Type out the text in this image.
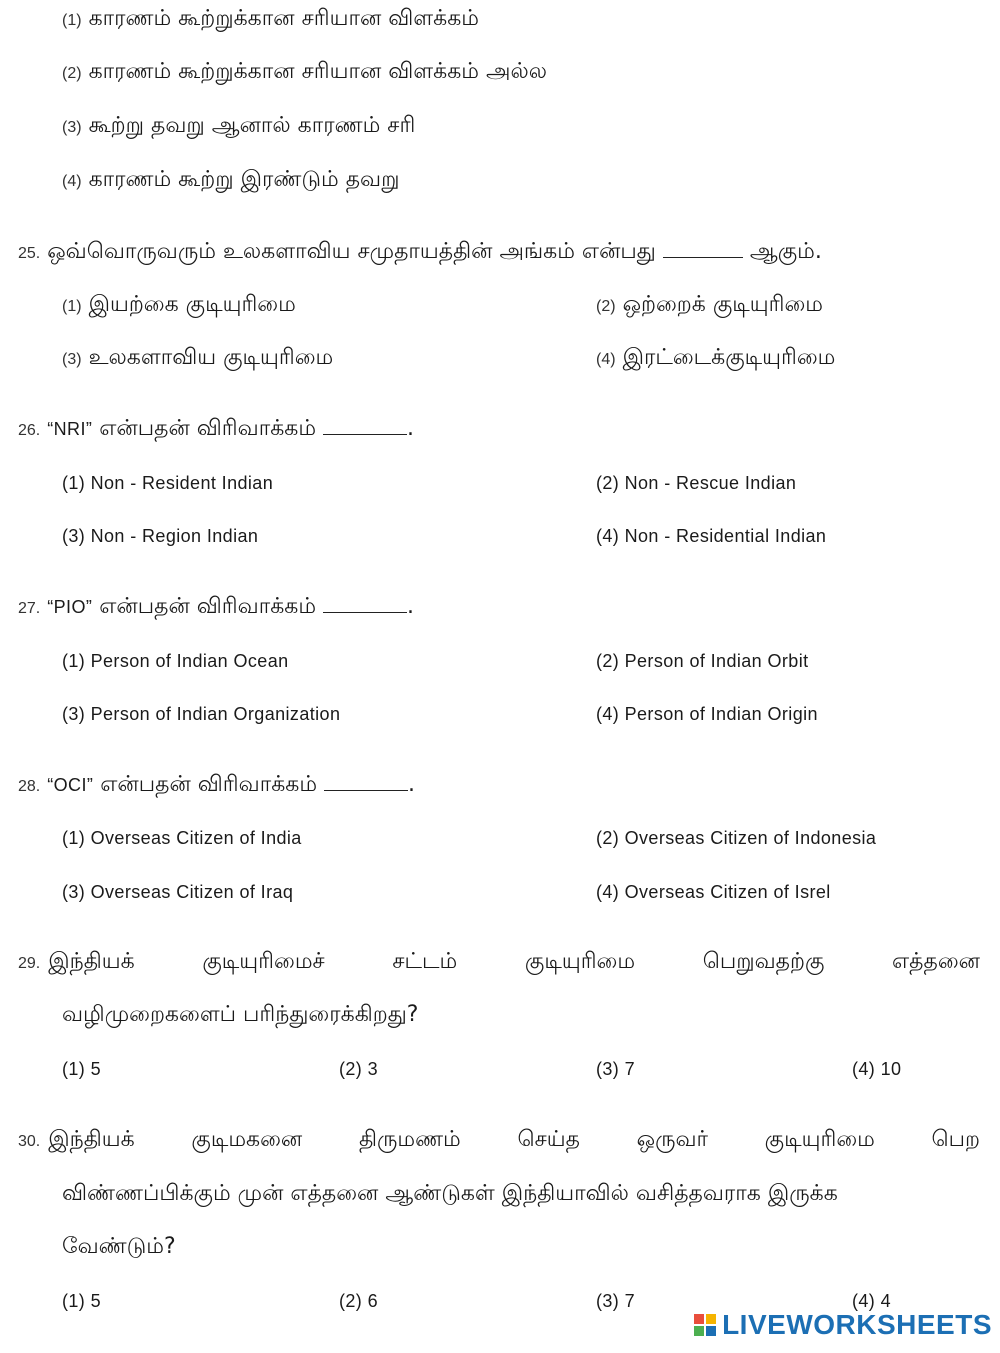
(1) காரணம் கூற்றுக்கான சரியான விளக்கம்
(2) காரணம் கூற்றுக்கான சரியான விளக்கம் அல்ல
(3) கூற்று தவறு ஆனால் காரணம் சரி
(4) காரணம் கூற்று இரண்டும் தவறு
25. ஒவ்வொருவரும் உலகளாவிய சமுதாயத்தின் அங்கம் என்பது	ஆகும்.
(1) இயற்கை குடியுரிமை	(2) ஒற்றைக் குடியுரிமை
(3) உலகளாவிய குடியுரிமை	(4) இரட்டைக்குடியுரிமை
26. “NRI” என்பதன் விரிவாக்கம்	.
(1) Non - Resident Indian	(2) Non - Rescue Indian
(3) Non - Region Indian	(4) Non - Residential Indian
27. “PIO” என்பதன் விரிவாக்கம்	.
(1) Person of Indian Ocean	(2) Person of Indian Orbit
(3) Person of Indian Organization	(4) Person of Indian Origin
28. “OCI” என்பதன் விரிவாக்கம்	.
(1) Overseas Citizen of India	(2) Overseas Citizen of Indonesia
(3) Overseas Citizen of Iraq	(4) Overseas Citizen of Isrel
29. இந்தியக் குடியுரிமைச் சட்டம் குடியுரிமை பெறுவதற்கு எத்தனை
வழிமுறைகளைப் பரிந்துரைக்கிறது?
(1) 5	(2) 3	(3) 7	(4) 10
30. இந்தியக் குடிமகனை திருமணம் செய்த ஒருவர் குடியுரிமை பெற
விண்ணப்பிக்கும் முன் எத்தனை ஆண்டுகள் இந்தியாவில் வசித்தவராக இருக்க
வேண்டும்?
(1) 5	(2) 6	(3) 7	(4) 4
LIVEWORKSHEETS
